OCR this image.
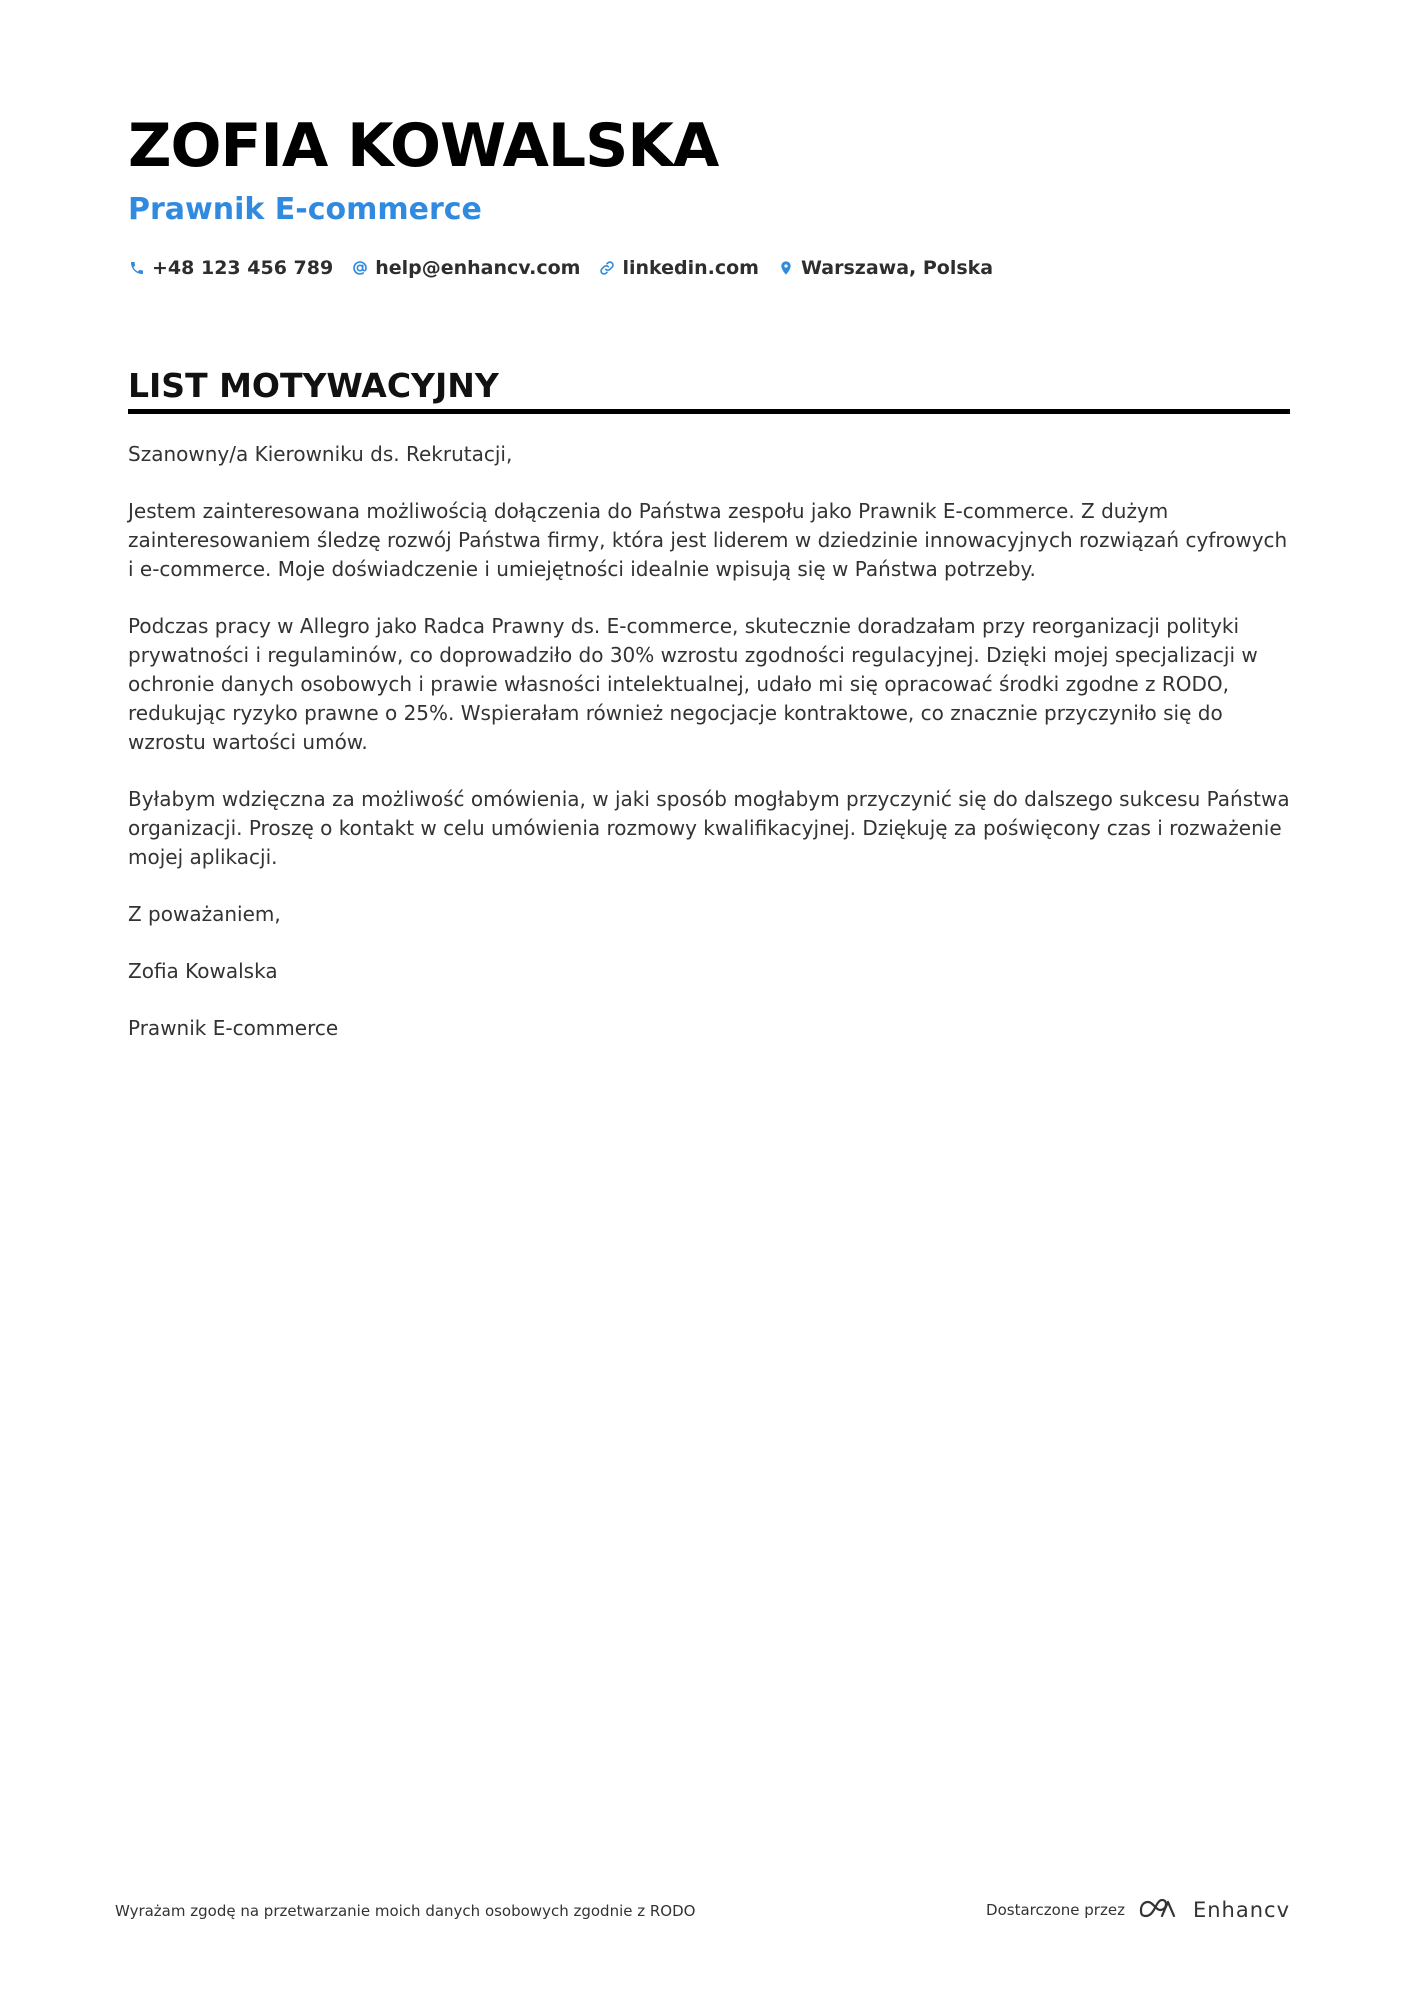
ZOFIA KOWALSKA
Prawnik E-commerce
+48 123 456 789 help@enhancv.com linkedin.com Warszawa, Polska
LIST MOTYWACYJNY

Szanowny/a Kierowniku ds. Rekrutacji,

Jestem zainteresowana możliwością dołączenia do Państwa zespołu jako Prawnik E-commerce. Z dużym zainteresowaniem śledzę rozwój Państwa firmy, która jest liderem w dziedzinie innowacyjnych rozwiązań cyfrowych i e-commerce. Moje doświadczenie i umiejętności idealnie wpisują się w Państwa potrzeby.

Podczas pracy w Allegro jako Radca Prawny ds. E-commerce, skutecznie doradzałam przy reorganizacji polityki prywatności i regulaminów, co doprowadziło do 30% wzrostu zgodności regulacyjnej. Dzięki mojej specjalizacji w ochronie danych osobowych i prawie własności intelektualnej, udało mi się opracować środki zgodne z RODO, redukując ryzyko prawne o 25%. Wspierałam również negocjacje kontraktowe, co znacznie przyczyniło się do wzrostu wartości umów.

Byłabym wdzięczna za możliwość omówienia, w jaki sposób mogłabym przyczynić się do dalszego sukcesu Państwa organizacji. Proszę o kontakt w celu umówienia rozmowy kwalifikacyjnej. Dziękuję za poświęcony czas i rozważenie mojej aplikacji.

Z poważaniem,

Zofia Kowalska

Prawnik E-commerce

Wyrażam zgodę na przetwarzanie moich danych osobowych zgodnie z RODO	Dostarczone przez	Enhancv
